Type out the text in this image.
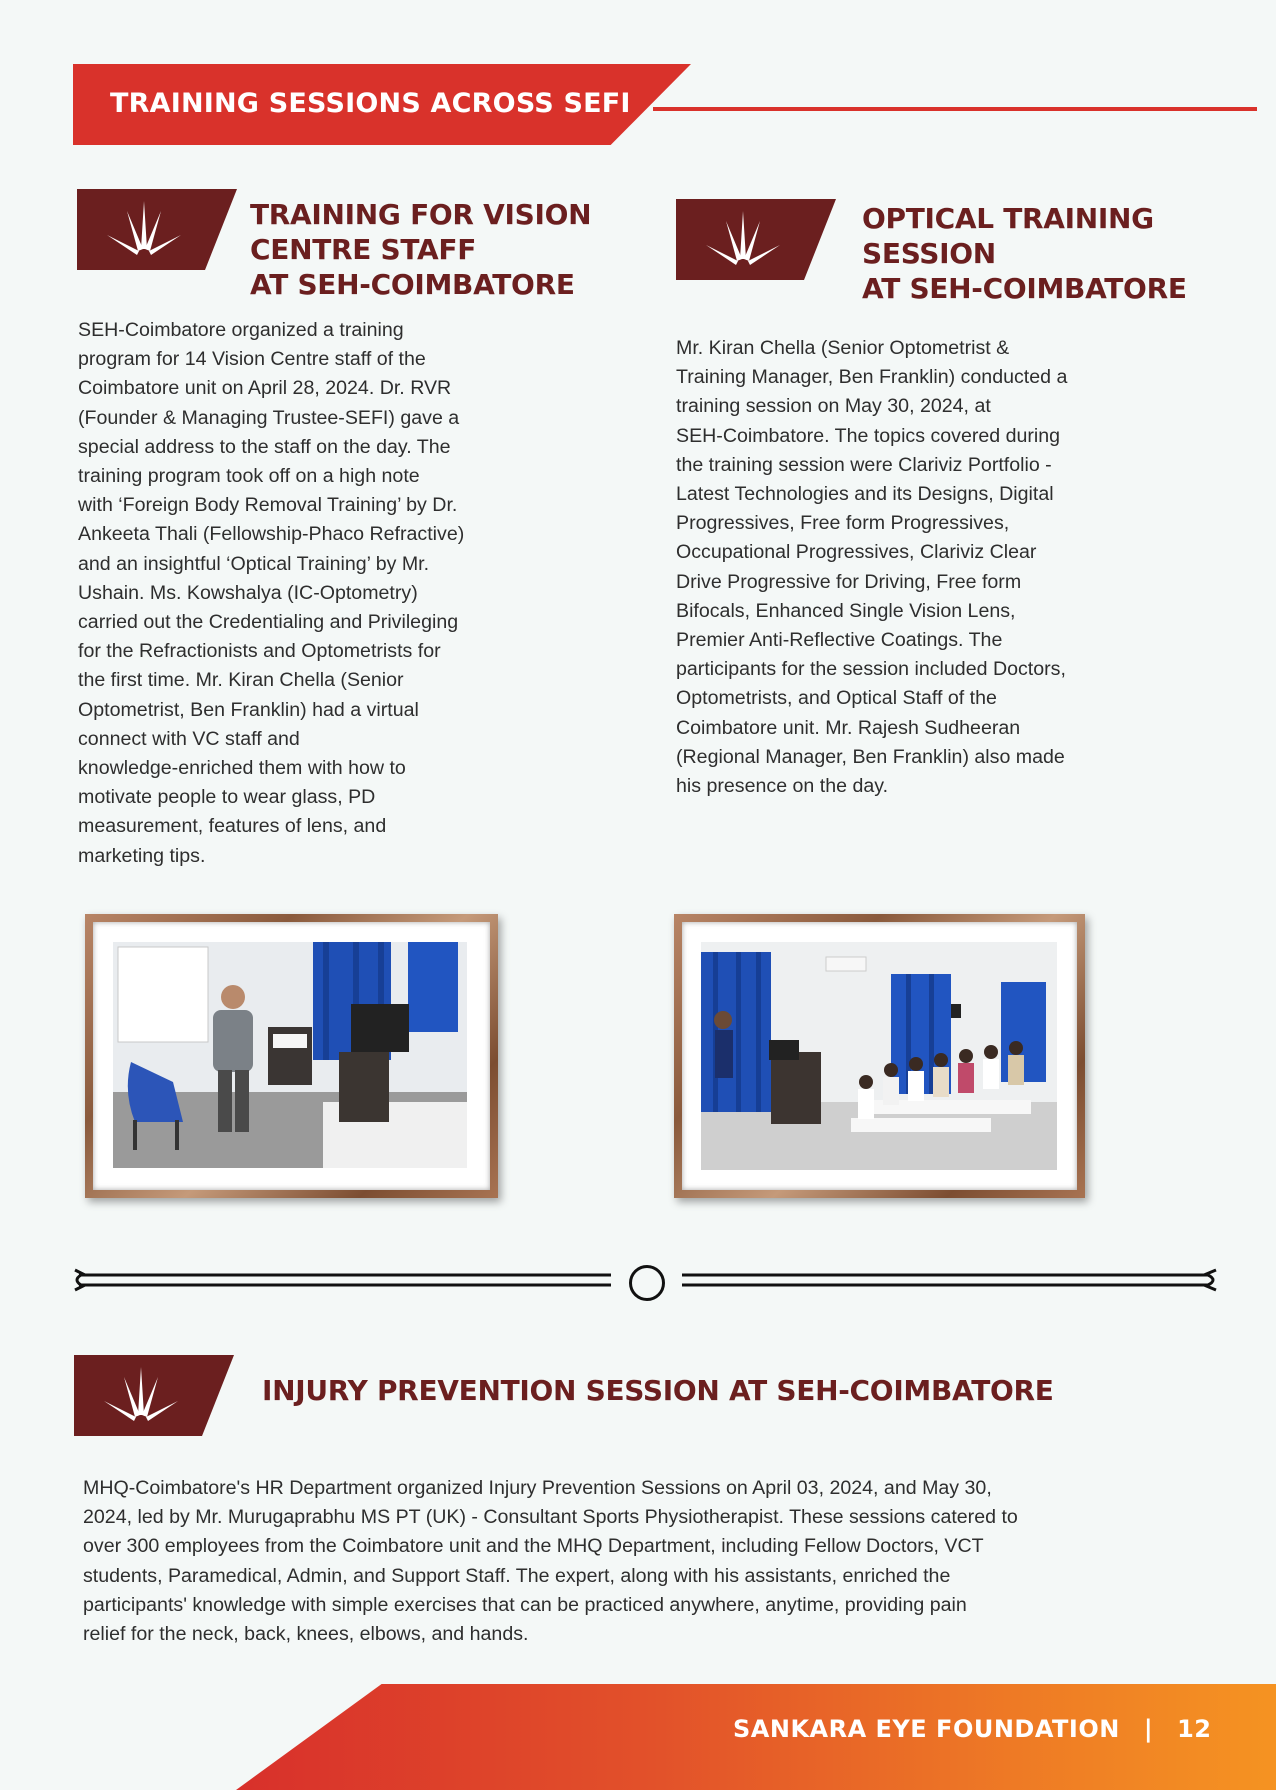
TRAINING SESSIONS ACROSS SEFI
TRAINING FOR VISION
CENTRE STAFF
AT SEH-COIMBATORE
SEH-Coimbatore organized a training
program for 14 Vision Centre staff of the
Coimbatore unit on April 28, 2024. Dr. RVR
(Founder & Managing Trustee-SEFI) gave a
special address to the staff on the day. The
training program took off on a high note
with ‘Foreign Body Removal Training’ by Dr.
Ankeeta Thali (Fellowship-Phaco Refractive)
and an insightful ‘Optical Training’ by Mr.
Ushain. Ms. Kowshalya (IC-Optometry)
carried out the Credentialing and Privileging
for the Refractionists and Optometrists for
the first time. Mr. Kiran Chella (Senior
Optometrist, Ben Franklin) had a virtual
connect with VC staff and
knowledge-enriched them with how to
motivate people to wear glass, PD
measurement, features of lens, and
marketing tips.
OPTICAL TRAINING
SESSION
AT SEH-COIMBATORE
Mr. Kiran Chella (Senior Optometrist &
Training Manager, Ben Franklin) conducted a
training session on May 30, 2024, at
SEH-Coimbatore. The topics covered during
the training session were Clariviz Portfolio -
Latest Technologies and its Designs, Digital
Progressives, Free form Progressives,
Occupational Progressives, Clariviz Clear
Drive Progressive for Driving, Free form
Bifocals, Enhanced Single Vision Lens,
Premier Anti-Reflective Coatings. The
participants for the session included Doctors,
Optometrists, and Optical Staff of the
Coimbatore unit. Mr. Rajesh Sudheeran
(Regional Manager, Ben Franklin) also made
his presence on the day.
INJURY PREVENTION SESSION AT SEH-COIMBATORE
MHQ-Coimbatore's HR Department organized Injury Prevention Sessions on April 03, 2024, and May 30,
2024, led by Mr. Murugaprabhu MS PT (UK) - Consultant Sports Physiotherapist. These sessions catered to
over 300 employees from the Coimbatore unit and the MHQ Department, including Fellow Doctors, VCT
students, Paramedical, Admin, and Support Staff. The expert, along with his assistants, enriched the
participants' knowledge with simple exercises that can be practiced anywhere, anytime, providing pain
relief for the neck, back, knees, elbows, and hands.
SANKARA EYE FOUNDATION | 12
